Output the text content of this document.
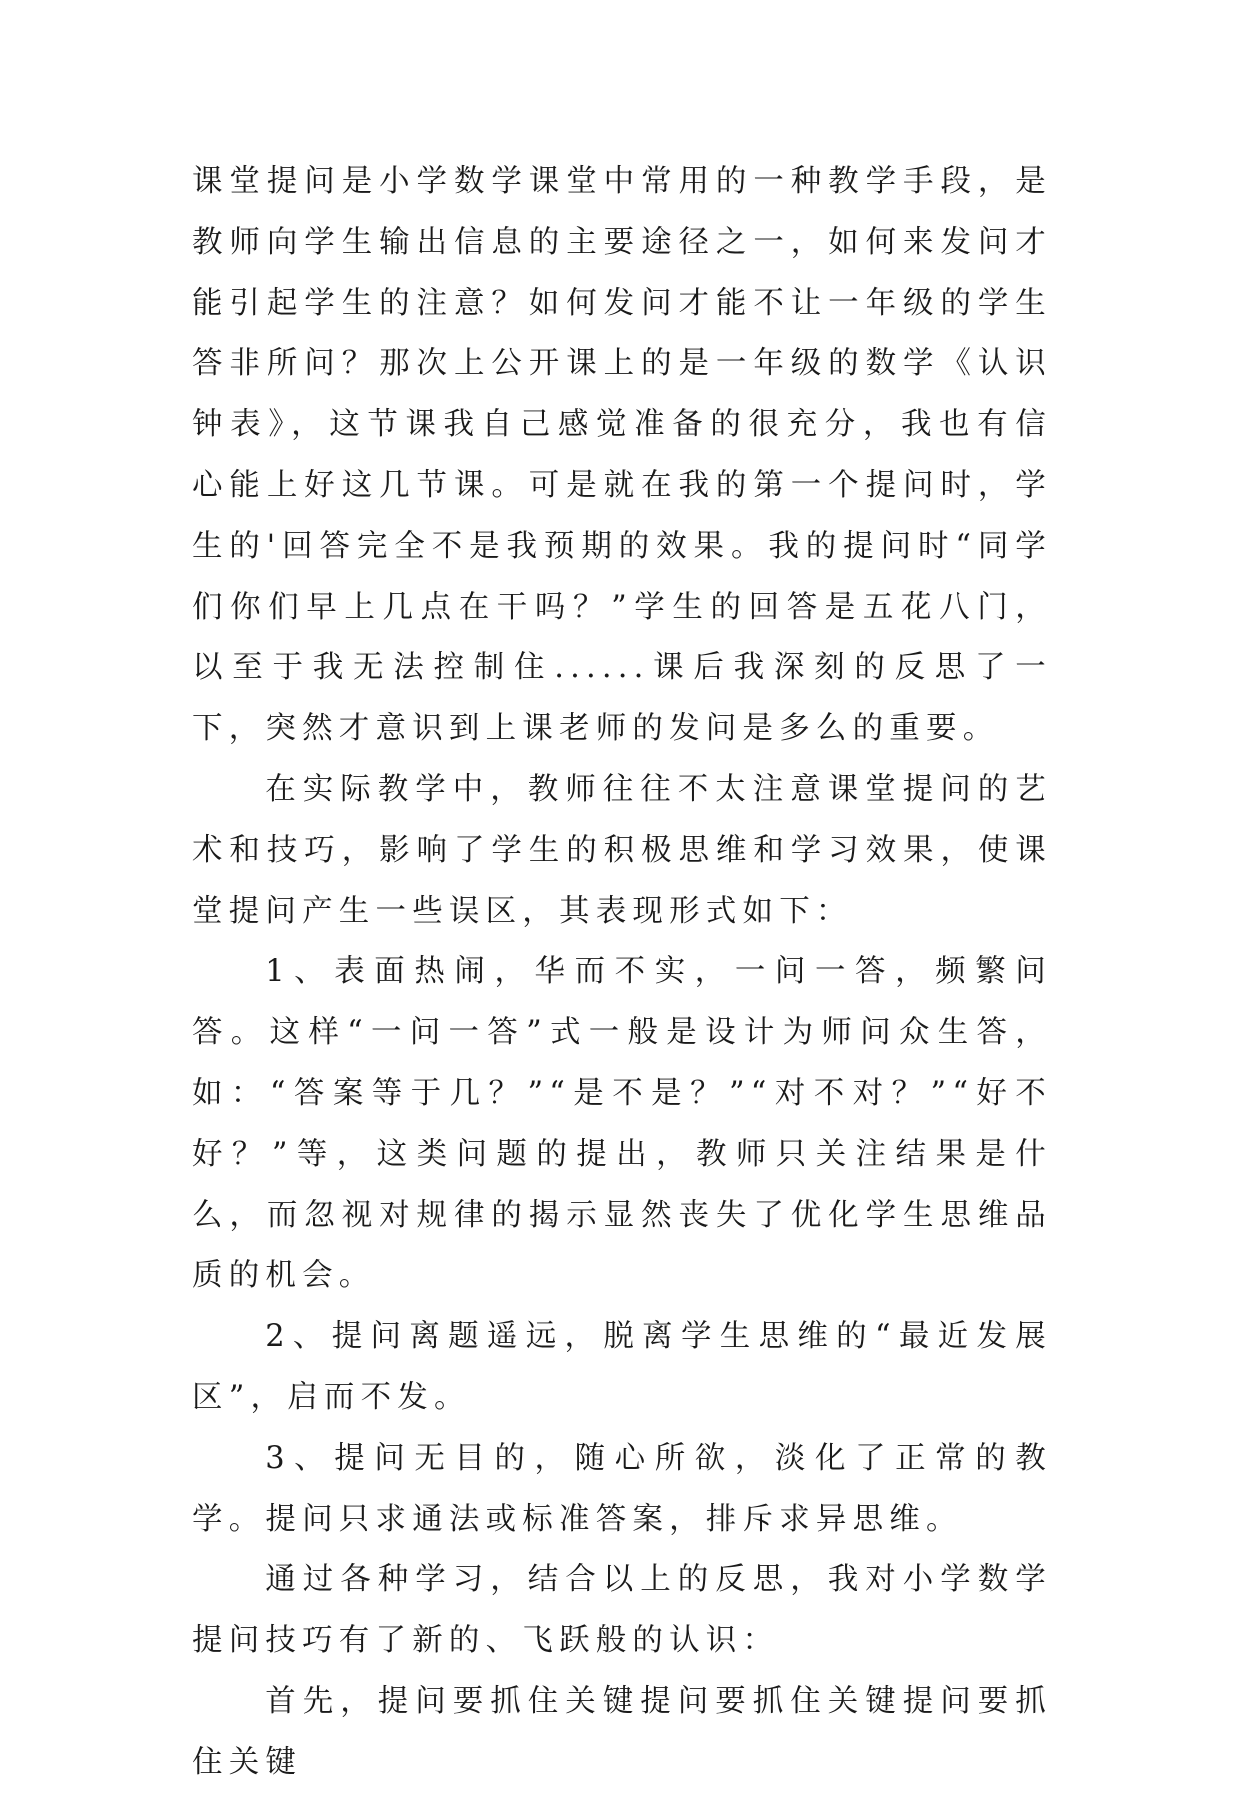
课堂提问是小学数学课堂中常用的一种教学手段，是教师向学生输出信息的主要途径之一，如何来发问才能引起学生的注意？如何发问才能不让一年级的学生答非所问？那次上公开课上的是一年级的数学《认识钟表》，这节课我自己感觉准备的很充分，我也有信心能上好这几节课。可是就在我的第一个提问时，学生的'回答完全不是我预期的效果。我的提问时“同学们你们早上几点在干吗？”学生的回答是五花八门，以至于我无法控制住......课后我深刻的反思了一下，突然才意识到上课老师的发问是多么的重要。

在实际教学中，教师往往不太注意课堂提问的艺术和技巧，影响了学生的积极思维和学习效果，使课堂提问产生一些误区，其表现形式如下：

1、表面热闹，华而不实，一问一答，频繁问答。这样“一问一答”式一般是设计为师问众生答，如：“答案等于几？”“是不是？”“对不对？”“好不好？”等，这类问题的提出，教师只关注结果是什么，而忽视对规律的揭示显然丧失了优化学生思维品质的机会。

2、提问离题遥远，脱离学生思维的“最近发展区”，启而不发。

3、提问无目的，随心所欲，淡化了正常的教学。提问只求通法或标准答案，排斥求异思维。

通过各种学习，结合以上的反思，我对小学数学提问技巧有了新的、飞跃般的认识：

首先，提问要抓住关键提问要抓住关键提问要抓住关键
